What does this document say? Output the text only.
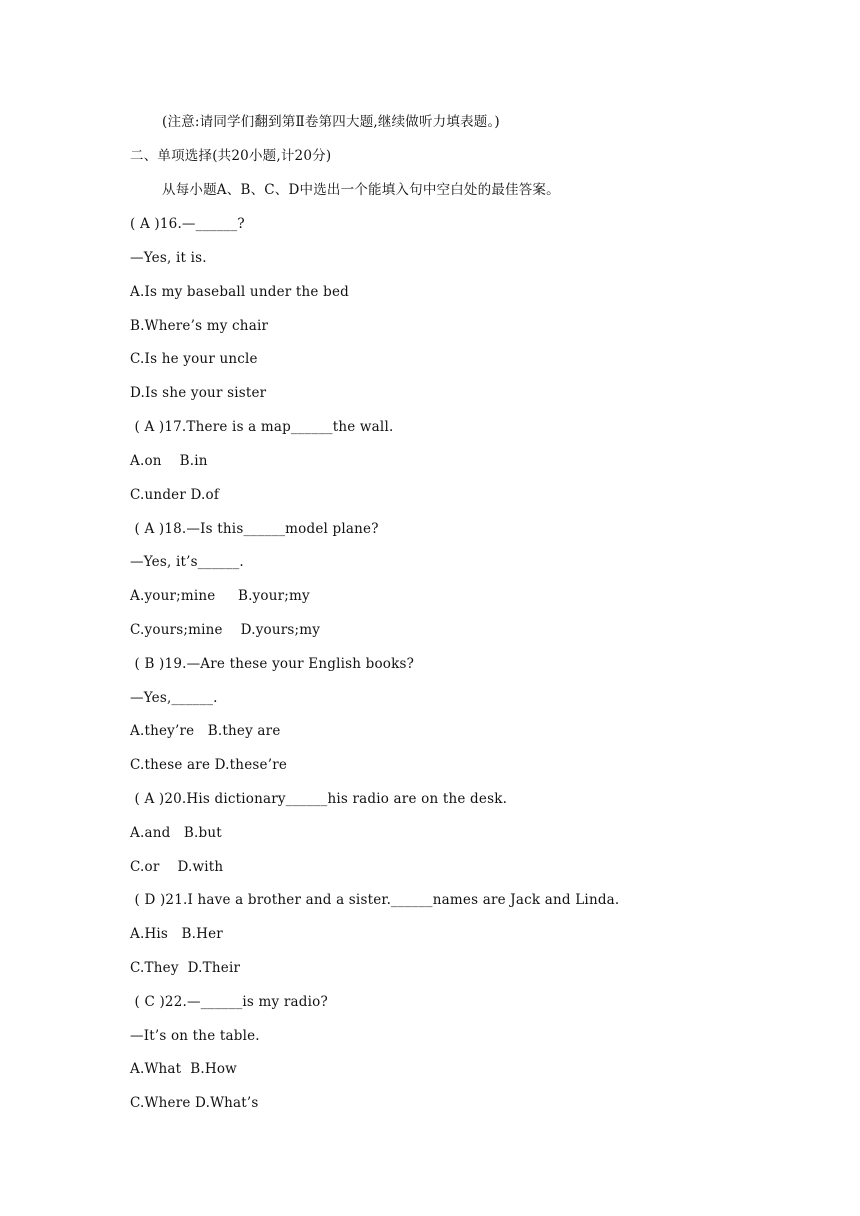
(注意:请同学们翻到第Ⅱ卷第四大题,继续做听力填表题。)
二、单项选择(共20小题,计20分)
从每小题A、B、C、D中选出一个能填入句中空白处的最佳答案。
( A )16.—______?
—Yes, it is.
A.Is my baseball under the bed
B.Where’s my chair
C.Is he your uncle
D.Is she your sister
( A )17.There is a map______the wall.
A.on    B.in
C.under D.of
( A )18.—Is this______model plane?
—Yes, it’s______.
A.your;mine     B.your;my
C.yours;mine    D.yours;my
( B )19.—Are these your English books?
—Yes,______.
A.they’re   B.they are
C.these are D.these’re
( A )20.His dictionary______his radio are on the desk.
A.and   B.but
C.or    D.with
( D )21.I have a brother and a sister.______names are Jack and Linda.
A.His   B.Her
C.They  D.Their
( C )22.—______is my radio?
—It’s on the table.
A.What  B.How
C.Where D.What’s
